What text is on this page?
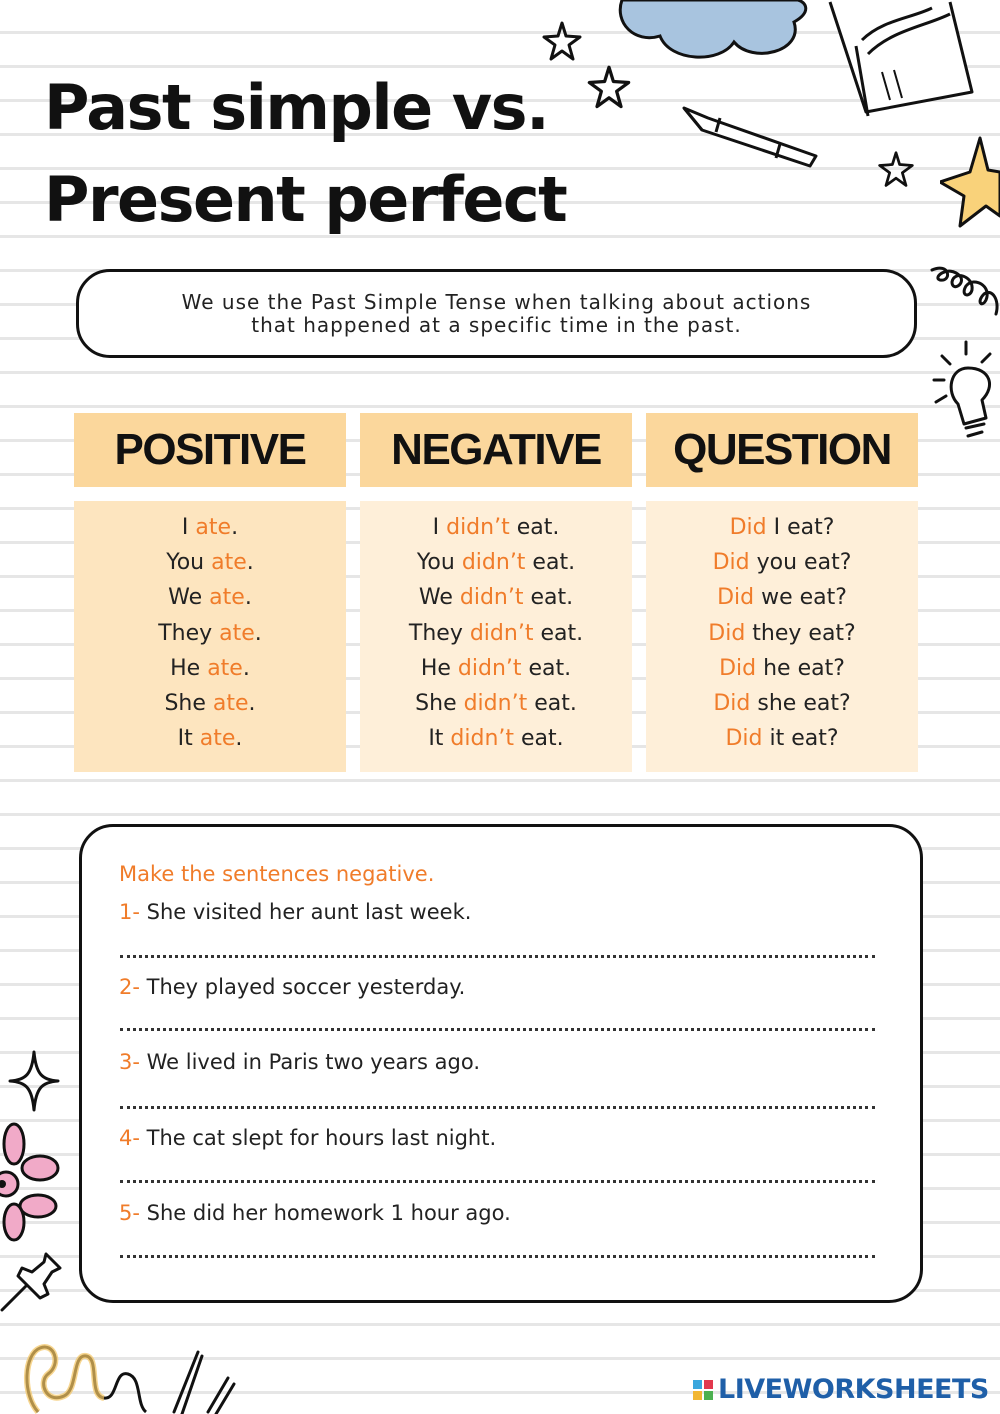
Past simple vs.
Present perfect

We use the Past Simple Tense when talking about actions that happened at a specific time in the past.

POSITIVE	NEGATIVE	QUESTION
I ate.
You ate.
We ate.
They ate.
He ate.
She ate.
It ate.
I didn’t eat.
You didn’t eat.
We didn’t eat.
They didn’t eat.
He didn’t eat.
She didn’t eat.
It didn’t eat.
Did I eat?
Did you eat?
Did we eat?
Did they eat?
Did he eat?
Did she eat?
Did it eat?
Make the sentences negative.
1- She visited her aunt last week.
2- They played soccer yesterday.
3- We lived in Paris two years ago.
4- The cat slept for hours last night.
5- She did her homework 1 hour ago.
LIVEWORKSHEETS
